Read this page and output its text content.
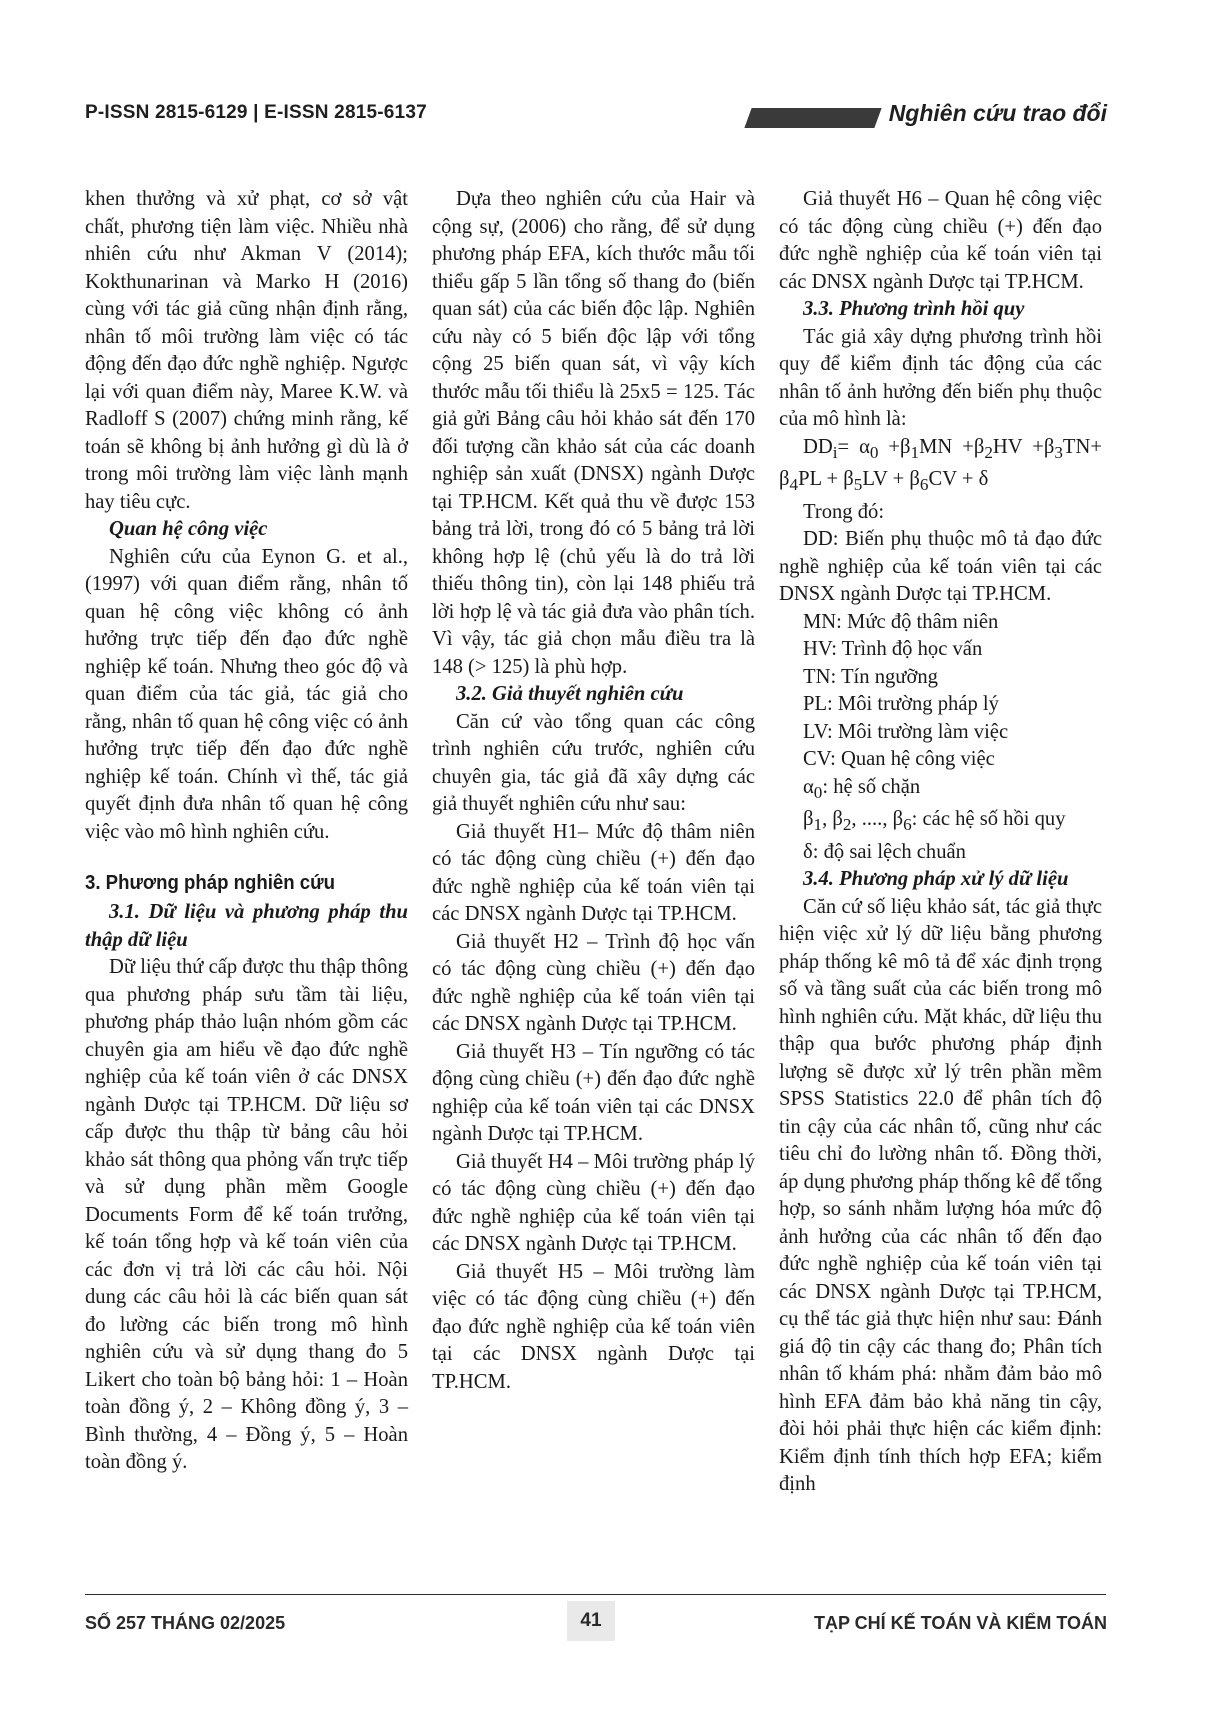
P-ISSN 2815-6129 | E-ISSN 2815-6137	Nghiên cứu trao đổi

khen thưởng và xử phạt, cơ sở vật chất, phương tiện làm việc. Nhiều nhà nhiên cứu như Akman V (2014); Kokthunarinan và Marko H (2016) cùng với tác giả cũng nhận định rằng, nhân tố môi trường làm việc có tác động đến đạo đức nghề nghiệp. Ngược lại với quan điểm này, Maree K.W. và Radloff S (2007) chứng minh rằng, kế toán sẽ không bị ảnh hưởng gì dù là ở trong môi trường làm việc lành mạnh hay tiêu cực.

Quan hệ công việc

Nghiên cứu của Eynon G. et al., (1997) với quan điểm rằng, nhân tố quan hệ công việc không có ảnh hưởng trực tiếp đến đạo đức nghề nghiệp kế toán. Nhưng theo góc độ và quan điểm của tác giả, tác giả cho rằng, nhân tố quan hệ công việc có ảnh hưởng trực tiếp đến đạo đức nghề nghiệp kế toán. Chính vì thế, tác giả quyết định đưa nhân tố quan hệ công việc vào mô hình nghiên cứu.

3. Phương pháp nghiên cứu

3.1. Dữ liệu và phương pháp thu thập dữ liệu

Dữ liệu thứ cấp được thu thập thông qua phương pháp sưu tầm tài liệu, phương pháp thảo luận nhóm gồm các chuyên gia am hiểu về đạo đức nghề nghiệp của kế toán viên ở các DNSX ngành Dược tại TP.HCM. Dữ liệu sơ cấp được thu thập từ bảng câu hỏi khảo sát thông qua phỏng vấn trực tiếp và sử dụng phần mềm Google Documents Form để kế toán trưởng, kế toán tổng hợp và kế toán viên của các đơn vị trả lời các câu hỏi. Nội dung các câu hỏi là các biến quan sát đo lường các biến trong mô hình nghiên cứu và sử dụng thang đo 5 Likert cho toàn bộ bảng hỏi: 1 – Hoàn toàn đồng ý, 2 – Không đồng ý, 3 – Bình thường, 4 – Đồng ý, 5 – Hoàn toàn đồng ý.

Dựa theo nghiên cứu của Hair và cộng sự, (2006) cho rằng, để sử dụng phương pháp EFA, kích thước mẫu tối thiểu gấp 5 lần tổng số thang đo (biến quan sát) của các biến độc lập. Nghiên cứu này có 5 biến độc lập với tổng cộng 25 biến quan sát, vì vậy kích thước mẫu tối thiểu là 25x5 = 125. Tác giả gửi Bảng câu hỏi khảo sát đến 170 đối tượng cần khảo sát của các doanh nghiệp sản xuất (DNSX) ngành Dược tại TP.HCM. Kết quả thu về được 153 bảng trả lời, trong đó có 5 bảng trả lời không hợp lệ (chủ yếu là do trả lời thiếu thông tin), còn lại 148 phiếu trả lời hợp lệ và tác giả đưa vào phân tích. Vì vậy, tác giả chọn mẫu điều tra là 148 (> 125) là phù hợp.

3.2. Giả thuyết nghiên cứu

Căn cứ vào tổng quan các công trình nghiên cứu trước, nghiên cứu chuyên gia, tác giả đã xây dựng các giả thuyết nghiên cứu như sau:

Giả thuyết H1– Mức độ thâm niên có tác động cùng chiều (+) đến đạo đức nghề nghiệp của kế toán viên tại các DNSX ngành Dược tại TP.HCM.

Giả thuyết H2 – Trình độ học vấn có tác động cùng chiều (+) đến đạo đức nghề nghiệp của kế toán viên tại các DNSX ngành Dược tại TP.HCM.

Giả thuyết H3 – Tín ngưỡng có tác động cùng chiều (+) đến đạo đức nghề nghiệp của kế toán viên tại các DNSX ngành Dược tại TP.HCM.

Giả thuyết H4 – Môi trường pháp lý có tác động cùng chiều (+) đến đạo đức nghề nghiệp của kế toán viên tại các DNSX ngành Dược tại TP.HCM.

Giả thuyết H5 – Môi trường làm việc có tác động cùng chiều (+) đến đạo đức nghề nghiệp của kế toán viên tại các DNSX ngành Dược tại TP.HCM.

Giả thuyết H6 – Quan hệ công việc có tác động cùng chiều (+) đến đạo đức nghề nghiệp của kế toán viên tại các DNSX ngành Dược tại TP.HCM.

3.3. Phương trình hồi quy

Tác giả xây dựng phương trình hồi quy để kiểm định tác động của các nhân tố ảnh hưởng đến biến phụ thuộc của mô hình là:

$DD_i= \alpha_0 +\beta_1MN +\beta_2HV +\beta_3TN+ \beta_4PL + \beta_5LV + \beta_6CV + \delta$

Trong đó:

DD: Biến phụ thuộc mô tả đạo đức nghề nghiệp của kế toán viên tại các DNSX ngành Dược tại TP.HCM.

MN: Mức độ thâm niên

HV: Trình độ học vấn

TN: Tín ngưỡng

PL: Môi trường pháp lý

LV: Môi trường làm việc

CV: Quan hệ công việc

$\alpha_0$: hệ số chặn

$\beta_1$, $\beta_2$, ...., $\beta_6$: các hệ số hồi quy

δ: độ sai lệch chuẩn

3.4. Phương pháp xử lý dữ liệu

Căn cứ số liệu khảo sát, tác giả thực hiện việc xử lý dữ liệu bằng phương pháp thống kê mô tả để xác định trọng số và tầng suất của các biến trong mô hình nghiên cứu. Mặt khác, dữ liệu thu thập qua bước phương pháp định lượng sẽ được xử lý trên phần mềm SPSS Statistics 22.0 để phân tích độ tin cậy của các nhân tố, cũng như các tiêu chỉ đo lường nhân tố. Đồng thời, áp dụng phương pháp thống kê để tổng hợp, so sánh nhằm lượng hóa mức độ ảnh hưởng của các nhân tố đến đạo đức nghề nghiệp của kế toán viên tại các DNSX ngành Dược tại TP.HCM, cụ thể tác giả thực hiện như sau: Đánh giá độ tin cậy các thang đo; Phân tích nhân tố khám phá: nhằm đảm bảo mô hình EFA đảm bảo khả năng tin cậy, đòi hỏi phải thực hiện các kiểm định: Kiểm định tính thích hợp EFA; kiểm định

SỐ 257 THÁNG 02/2025	41	TẠP CHÍ KẾ TOÁN VÀ KIỂM TOÁN
